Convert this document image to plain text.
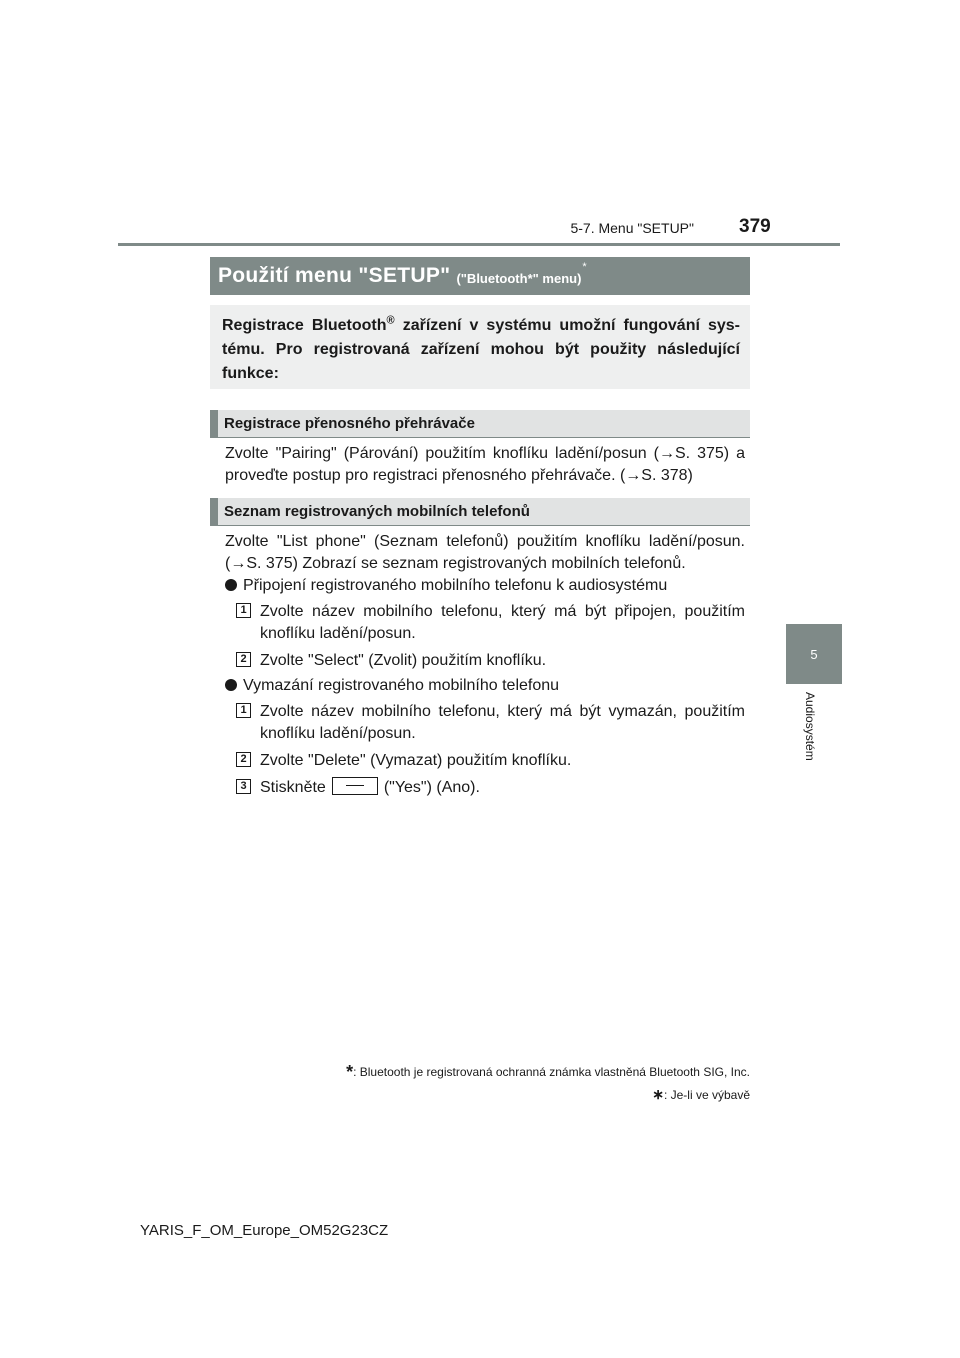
5-7. Menu "SETUP" 379
5
Audiosystém
Použití menu "SETUP" ("Bluetooth*" menu)
*
Registrace Bluetooth® zařízení v systému umožní fungování sys-tému. Pro registrovaná zařízení mohou být použity následující funkce:
Registrace přenosného přehrávače
Zvolte "Pairing" (Párování) použitím knoflíku ladění/posun (→S. 375) a proveďte postup pro registraci přenosného přehrávače. (→S. 378)
Seznam registrovaných mobilních telefonů
Zvolte "List phone" (Seznam telefonů) použitím knoflíku ladění/posun. (→S. 375) Zobrazí se seznam registrovaných mobilních telefonů.
Připojení registrovaného mobilního telefonu k audiosystému
1 Zvolte název mobilního telefonu, který má být připojen, použitím knoflíku ladění/posun.
2 Zvolte "Select" (Zvolit) použitím knoflíku.
Vymazání registrovaného mobilního telefonu
1 Zvolte název mobilního telefonu, který má být vymazán, použitím knoflíku ladění/posun.
2 Zvolte "Delete" (Vymazat) použitím knoflíku.
3 Stiskněte	("Yes") (Ano).
*: Bluetooth je registrovaná ochranná známka vlastněná Bluetooth SIG, Inc.
∗: Je-li ve výbavě
YARIS_F_OM_Europe_OM52G23CZ
